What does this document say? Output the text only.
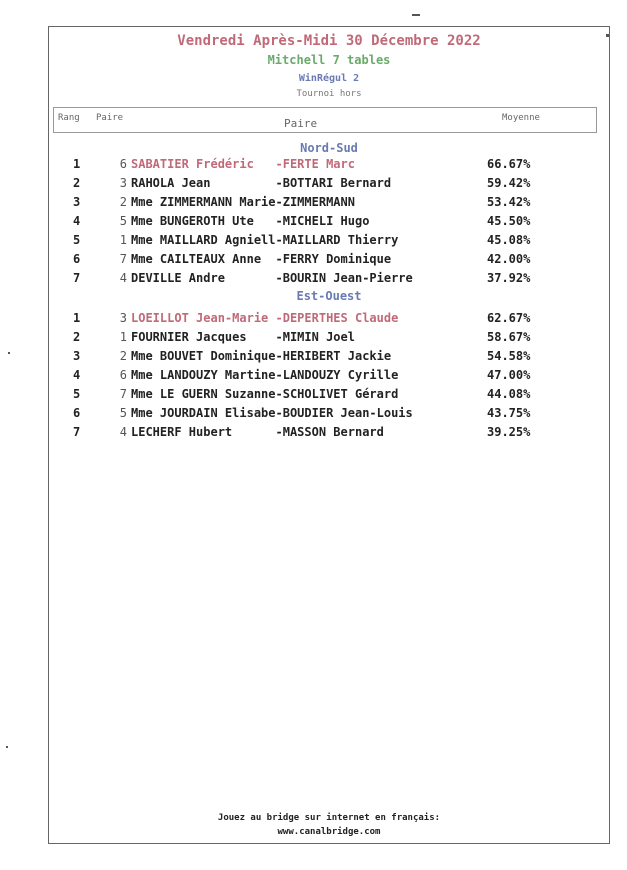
Vendredi Après-Midi 30 Décembre 2022
Mitchell 7 tables
WinRégul 2
Tournoi hors
Rang Paire	Paire	Moyenne
Nord-Sud
1	6 SABATIER Frédéric   -FERTE Marc	66.67%
2	3 RAHOLA Jean         -BOTTARI Bernard	59.42%
3	2 Mme ZIMMERMANN Marie-ZIMMERMANN	53.42%
4	5 Mme BUNGEROTH Ute   -MICHELI Hugo	45.50%
5	1 Mme MAILLARD Agniell-MAILLARD Thierry	45.08%
6	7 Mme CAILTEAUX Anne  -FERRY Dominique	42.00%
7	4 DEVILLE Andre       -BOURIN Jean-Pierre	37.92%
Est-Ouest
1	3 LOEILLOT Jean-Marie -DEPERTHES Claude	62.67%
2	1 FOURNIER Jacques    -MIMIN Joel	58.67%
3	2 Mme BOUVET Dominique-HERIBERT Jackie	54.58%
4	6 Mme LANDOUZY Martine-LANDOUZY Cyrille	47.00%
5	7 Mme LE GUERN Suzanne-SCHOLIVET Gérard	44.08%
6	5 Mme JOURDAIN Elisabe-BOUDIER Jean-Louis	43.75%
7	4 LECHERF Hubert      -MASSON Bernard	39.25%
Jouez au bridge sur internet en français:
www.canalbridge.com
